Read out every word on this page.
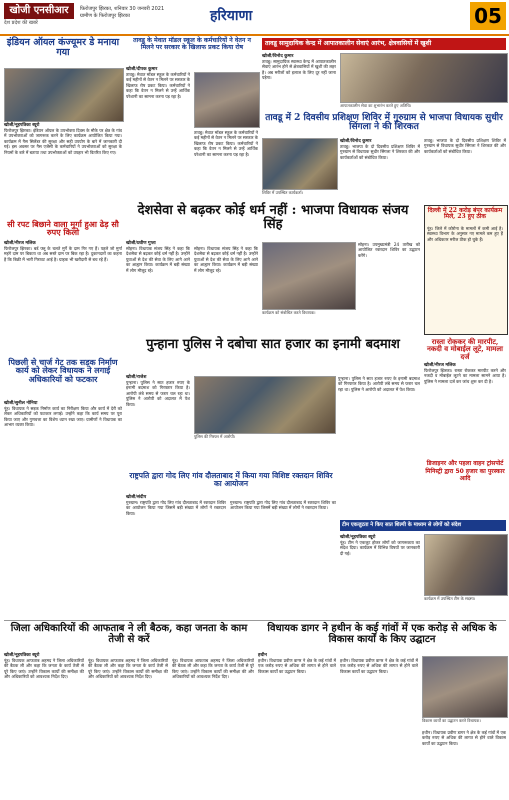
खोजी एनसीआर
देश प्रदेश की खबरें
फ़िरोजपुर झिरका, शनिवार 30 जनवरी 2021
ग्रामीण के फिरोजपुर झिरका	हरियाणा	05
इंडियन ऑयल कंज्यूमर डे मनाया गया
खोजी/नूहपत्रिका ब्यूरो
फिरोजपुर झिरका। इंडियन ऑयल के उपभोक्ता दिवस के मौके पर क्षेत्र के गांव में उपभोक्ताओं को जागरूक करने के लिए कार्यक्रम आयोजित किया गया। कार्यक्रम में गैस सिलेंडर की सुरक्षा और सही उपयोग के बारे में जानकारी दी गई। इस अवसर पर गैस एजेंसी के कर्मचारियों ने उपभोक्ताओं को सुरक्षा के नियमों के बारे में बताया तथा उपभोक्ताओं को उपहार भी वितरित किए गए।
सी रपट बिछाने वाला मुर्गा हुआ ढेड़ सौ रुपए किलो
खोजी/नीरज मलिक
फिरोजपुर झिरका। बर्ड फ्लू के चलते मुर्गे के दाम गिर गए हैं। पहले जो मुर्गा महंगे दाम पर बिकता था अब सस्ते दाम पर बिक रहा है। दुकानदारों का कहना है कि बिक्री में भारी गिरावट आई है। ग्राहक भी खरीदारी से बच रहे हैं।
पिछली से चार्ज गेट तक सड़क निर्माण कार्य को लेकर विधायक ने लगाई अधिकारियों को फटकार
खोजी/सुनील नोनिया
नूंह। विधायक ने सड़क निर्माण कार्य का निरीक्षण किया और कार्य में देरी को लेकर अधिकारियों को फटकार लगाई। उन्होंने कहा कि कार्य समय पर पूरा किया जाए और गुणवत्ता का विशेष ध्यान रखा जाए। ग्रामीणों ने विधायक का आभार व्यक्त किया।
तावडू के मेवात मॉडल स्कूल के कर्मचारियों ने वेतन न मिलने पर सरकार के खिलाफ प्रकट किया रोष
खोजी/दीपक कुमार
तावडू। मेवात मॉडल स्कूल के कर्मचारियों ने कई महीनों से वेतन न मिलने पर सरकार के खिलाफ रोष प्रकट किया। कर्मचारियों ने कहा कि वेतन न मिलने से उन्हें आर्थिक परेशानी का सामना करना पड़ रहा है।
तावडू। मेवात मॉडल स्कूल के कर्मचारियों ने कई महीनों से वेतन न मिलने पर सरकार के खिलाफ रोष प्रकट किया। कर्मचारियों ने कहा कि वेतन न मिलने से उन्हें आर्थिक परेशानी का सामना करना पड़ रहा है।
तावडू सामुदायिक केन्द्र में आपातकालीन सेवाएं आरंभ, क्षेत्रवासियों में खुशी
खोजी/विनोद कुमार
तावडू। सामुदायिक स्वास्थ्य केन्द्र में आपातकालीन सेवाएं आरंभ होने से क्षेत्रवासियों में खुशी की लहर है। अब मरीजों को इलाज के लिए दूर नहीं जाना पड़ेगा।
आपातकालीन सेवा का शुभारंभ करते हुए अतिथि।
तावडू में 2 दिवसीय प्रशिक्षण शिविर में गुरुग्राम से भाजपा विधायक सुधीर सिंगला ने की शिरकत
शिविर में उपस्थित कार्यकर्ता।
खोजी/विनोद कुमार
तावडू। भाजपा के दो दिवसीय प्रशिक्षण शिविर में गुरुग्राम से विधायक सुधीर सिंगला ने शिरकत की और कार्यकर्ताओं को संबोधित किया।
तावडू। भाजपा के दो दिवसीय प्रशिक्षण शिविर में गुरुग्राम से विधायक सुधीर सिंगला ने शिरकत की और कार्यकर्ताओं को संबोधित किया।
दिल्ली में 22 करोड़ बंपर कार्यक्रम मिले, 23 हुए ठीक
नूंह। जिले में कोरोना के मामलों में कमी आई है। स्वास्थ्य विभाग के अनुसार नए मामले कम हुए हैं और अधिकतर मरीज ठीक हो चुके हैं।
देशसेवा से बढ़कर कोई धर्म नहीं : भाजपा विधायक संजय सिंह
खोजी/प्रवीण गुप्ता
सोहना। विधायक संजय सिंह ने कहा कि देशसेवा से बढ़कर कोई धर्म नहीं है। उन्होंने युवाओं से देश की सेवा के लिए आगे आने का आह्वान किया। कार्यक्रम में बड़ी संख्या में लोग मौजूद रहे।
सोहना। विधायक संजय सिंह ने कहा कि देशसेवा से बढ़कर कोई धर्म नहीं है। उन्होंने युवाओं से देश की सेवा के लिए आगे आने का आह्वान किया। कार्यक्रम में बड़ी संख्या में लोग मौजूद रहे।
कार्यक्रम को संबोधित करते विधायक।
सोहना। उपमुख्यमंत्री 24 तारीख को आयोजित रक्तदान शिविर का उद्घाटन करेंगे।
पुन्हाना पुलिस ने दबोचा सात हजार का इनामी बदमाश
खोजी/राजेश
पुन्हाना। पुलिस ने सात हजार रुपए के इनामी बदमाश को गिरफ्तार किया है। आरोपी लंबे समय से फरार चल रहा था। पुलिस ने आरोपी को अदालत में पेश किया।
पुलिस की गिरफ्त में आरोपी।
पुन्हाना। पुलिस ने सात हजार रुपए के इनामी बदमाश को गिरफ्तार किया है। आरोपी लंबे समय से फरार चल रहा था। पुलिस ने आरोपी को अदालत में पेश किया।
रास्ता रोककर की मारपीट, नकदी व मोबाईल लूटे, मामला दर्ज
खोजी/नीरज मलिक
फिरोजपुर झिरका। रास्ता रोककर मारपीट करने और नकदी व मोबाईल लूटने का मामला सामने आया है। पुलिस ने मामला दर्ज कर जांच शुरू कर दी है।
राष्ट्रपति द्वारा गोद लिए गांव दौलताबाद में किया गया विशिष्ट रक्तदान शिविर का आयोजन
खोजी/संदीप
गुरुग्राम। राष्ट्रपति द्वारा गोद लिए गांव दौलताबाद में रक्तदान शिविर का आयोजन किया गया जिसमें बड़ी संख्या में लोगों ने रक्तदान किया।
गुरुग्राम। राष्ट्रपति द्वारा गोद लिए गांव दौलताबाद में रक्तदान शिविर का आयोजन किया गया जिसमें बड़ी संख्या में लोगों ने रक्तदान किया।
डिजाइनर और पहला वाहन ट्रांसपोर्ट मिनिस्ट्री द्वारा 50 हजार का पुरस्कार आदि
टीम एकजुटता ने किए सात शिल्पी के माध्यम से लोगों को संदेश
खोजी/नूहपत्रिका ब्यूरो
नूंह। टीम ने एकजुट होकर लोगों को जागरूकता का संदेश दिया। कार्यक्रम में विभिन्न विषयों पर जानकारी दी गई।
कार्यक्रम में उपस्थित टीम के सदस्य।
जिला अधिकारियों की आफताब ने ली बैठक, कहा जनता के काम तेजी से करें
खोजी/नूहपत्रिका ब्यूरो
नूंह। विधायक आफताब अहमद ने जिला अधिकारियों की बैठक ली और कहा कि जनता के कार्य तेजी से पूरे किए जाएं। उन्होंने विकास कार्यों की समीक्षा की और अधिकारियों को आवश्यक निर्देश दिए।
नूंह। विधायक आफताब अहमद ने जिला अधिकारियों की बैठक ली और कहा कि जनता के कार्य तेजी से पूरे किए जाएं। उन्होंने विकास कार्यों की समीक्षा की और अधिकारियों को आवश्यक निर्देश दिए।
नूंह। विधायक आफताब अहमद ने जिला अधिकारियों की बैठक ली और कहा कि जनता के कार्य तेजी से पूरे किए जाएं। उन्होंने विकास कार्यों की समीक्षा की और अधिकारियों को आवश्यक निर्देश दिए।
विधायक डागर ने हथीन के कई गांवों में एक करोड़ से अधिक के विकास कार्यों के किए उद्घाटन
हथीन
हथीन। विधायक प्रवीण डागर ने क्षेत्र के कई गांवों में एक करोड़ रुपए से अधिक की लागत से होने वाले विकास कार्यों का उद्घाटन किया।
हथीन। विधायक प्रवीण डागर ने क्षेत्र के कई गांवों में एक करोड़ रुपए से अधिक की लागत से होने वाले विकास कार्यों का उद्घाटन किया।
विकास कार्यों का उद्घाटन करते विधायक।
हथीन। विधायक प्रवीण डागर ने क्षेत्र के कई गांवों में एक करोड़ रुपए से अधिक की लागत से होने वाले विकास कार्यों का उद्घाटन किया।
